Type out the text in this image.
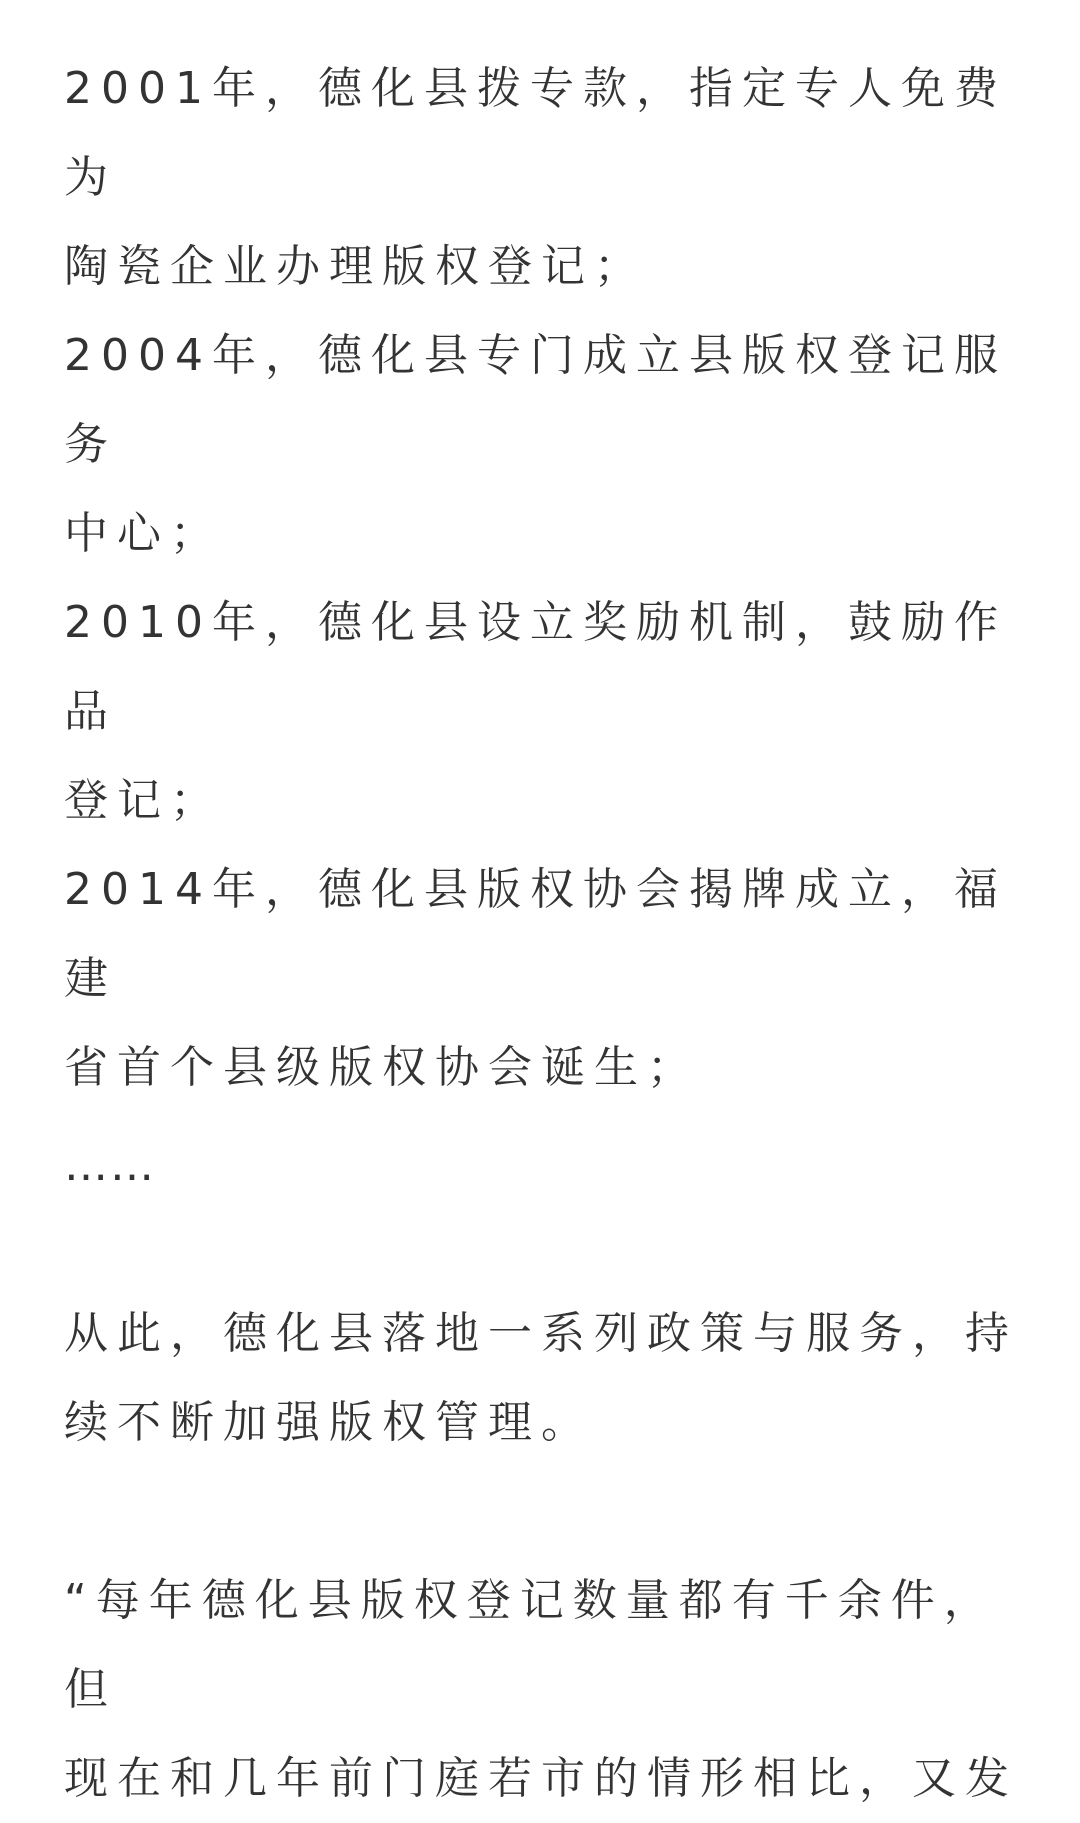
2001年，德化县拨专款，指定专人免费为
陶瓷企业办理版权登记；

2004年，德化县专门成立县版权登记服务
中心；

2010年，德化县设立奖励机制，鼓励作品
登记；

2014年，德化县版权协会揭牌成立，福建
省首个县级版权协会诞生；

……

从此，德化县落地一系列政策与服务，持
续不断加强版权管理。

“每年德化县版权登记数量都有千余件，但
现在和几年前门庭若市的情形相比，又发
